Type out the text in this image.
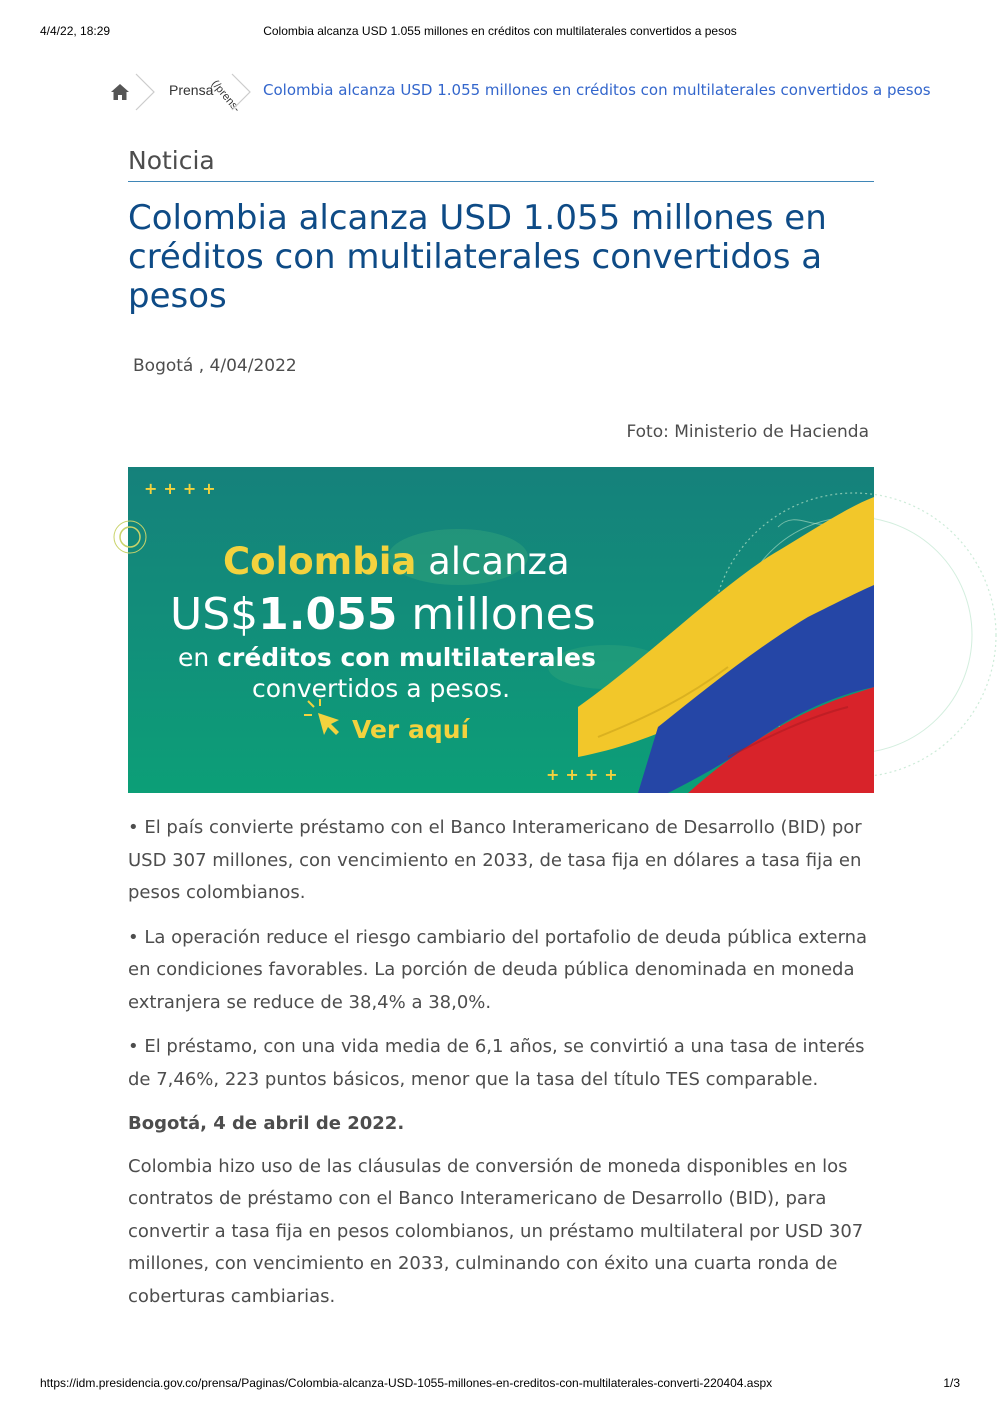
4/4/22, 18:29	Colombia alcanza USD 1.055 millones en créditos con multilaterales convertidos a pesos
Prensa
(/prens- Colombia alcanza USD 1.055 millones en créditos con multilaterales convertidos a pesos
Noticia
Colombia alcanza USD 1.055 millones en créditos con multilaterales convertidos a pesos
Bogotá , 4/04/2022
Foto: Ministerio de Hacienda
++++
++++
Colombia alcanza
US$1.055 millones
en créditos con multilaterales
convertidos a pesos.
Ver aquí

• El país convierte préstamo con el Banco Interamericano de Desarrollo (BID) por USD 307 millones, con vencimiento en 2033, de tasa fija en dólares a tasa fija en pesos colombianos.

• La operación reduce el riesgo cambiario del portafolio de deuda pública externa en condiciones favorables. La porción de deuda pública denominada en moneda extranjera se reduce de 38,4% a 38,0%.

• El préstamo, con una vida media de 6,1 años, se convirtió a una tasa de interés de 7,46%, 223 puntos básicos, menor que la tasa del título TES comparable.

Bogotá, 4 de abril de 2022.

Colombia hizo uso de las cláusulas de conversión de moneda disponibles en los contratos de préstamo con el Banco Interamericano de Desarrollo (BID), para convertir a tasa fija en pesos colombianos, un préstamo multilateral por USD 307 millones, con vencimiento en 2033, culminando con éxito una cuarta ronda de coberturas cambiarias.

https://idm.presidencia.gov.co/prensa/Paginas/Colombia-alcanza-USD-1055-millones-en-creditos-con-multilaterales-converti-220404.aspx	1/3
